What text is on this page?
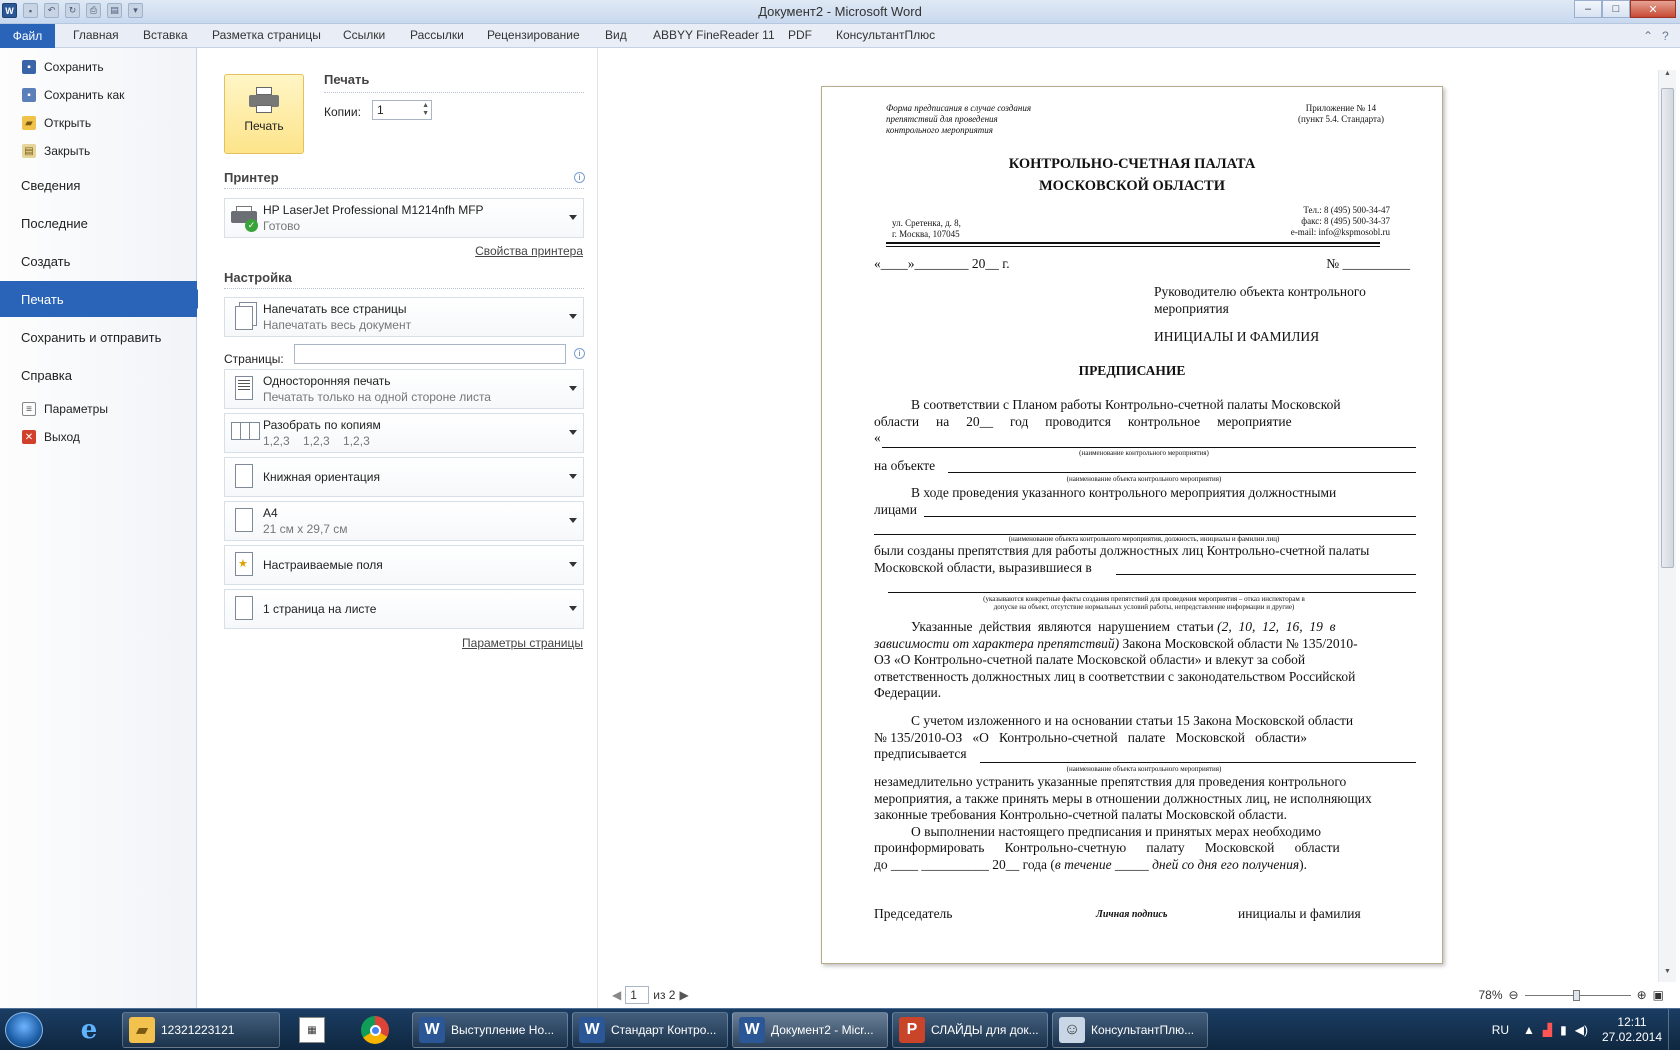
W	▪	↶	↻	⎙	▤	▾	Документ2 - Microsoft Word	–	□	✕
Файл	Главная Вставка Разметка страницы Ссылки Рассылки Рецензирование Вид ABBYY FineReader 11 PDF КонсультантПлюс	⌃ ?
▪	Сохранить
▪	Сохранить как
▰ Открыть
▤ Закрыть
Сведения
Последние
Создать
Печать
Сохранить и отправить
Справка
≡	Параметры
✕ Выход
Печать
Печать
Копии:	1	▲
▼
Принтер	i
✓
HP LaserJet Professional M1214nfh MFP
Готово
Свойства принтера
Настройка
Напечатать все страницы
Напечатать весь документ
Страницы:	i
Односторонняя печать
Печатать только на одной стороне листа
Разобрать по копиям
1,2,3    1,2,3    1,2,3
Книжная ориентация
A4
21 см x 29,7 см
★ Настраиваемые поля
1 страница на листе
Параметры страницы
▲
▼
Форма предписания в случае создания
препятствий для проведения
контрольного мероприятия
Приложение № 14
(пункт 5.4. Стандарта)
КОНТРОЛЬНО-СЧЕТНАЯ ПАЛАТА
МОСКОВСКОЙ ОБЛАСТИ
ул. Сретенка, д. 8,
г. Москва, 107045
Тел.: 8 (495) 500-34-47
факс: 8 (495) 500-34-37
e-mail: info@kspmosobl.ru
«____»________ 20__ г.	№ __________
Руководителю объекта контрольного
мероприятия
ИНИЦИАЛЫ И ФАМИЛИЯ
ПРЕДПИСАНИЕ
В соответствии с Планом работы Контрольно-счетной палаты Московской
области     на     20__     год     проводится     контрольное     мероприятие
«
(наименование контрольного мероприятия)
на объекте
(наименование объекта контрольного мероприятия)
В ходе проведения указанного контрольного мероприятия должностными
лицами
(наименование объекта контрольного мероприятия, должность, инициалы и фамилии лиц)
были созданы препятствия для работы должностных лиц Контрольно-счетной палаты
Московской области, выразившиеся в
(указываются конкретные факты создания препятствий для проведения мероприятия – отказ инспекторам в
допуске на объект, отсутствие нормальных условий работы, непредставление информации и другие)
Указанные  действия  являются  нарушением  статьи (2,  10,  12,  16,  19  в
зависимости от характера препятствий) Закона Московской области № 135/2010-
ОЗ «О Контрольно-счетной палате Московской области» и влекут за собой
ответственность должностных лиц в соответствии с законодательством Российской
Федерации.
С учетом изложенного и на основании статьи 15 Закона Московской области
№ 135/2010-ОЗ   «О   Контрольно-счетной   палате   Московской   области»
предписывается
(наименование объекта контрольного мероприятия)
незамедлительно устранить указанные препятствия для проведения контрольного
мероприятия, а также принять меры в отношении должностных лиц, не исполняющих
законные требования Контрольно-счетной палаты Московской области.
О выполнении настоящего предписания и принятых мерах необходимо
проинформировать      Контрольно-счетную      палату      Московской      области
до ____ __________ 20__ года (в течение _____ дней со дня его получения).
Председатель	Личная подпись	инициалы и фамилия
◀ 1	из 2 ▶	78% ⊖	⊕ ▣
e	▰	12321223121	▦	W Выступление Но...	W Стандарт Контро...	W Документ2 - Micr...	P	СЛАЙДЫ для док...	☺ КонсультантПлю...	RU ▲ ▟ ▮ ◀)
12:11
27.02.2014
